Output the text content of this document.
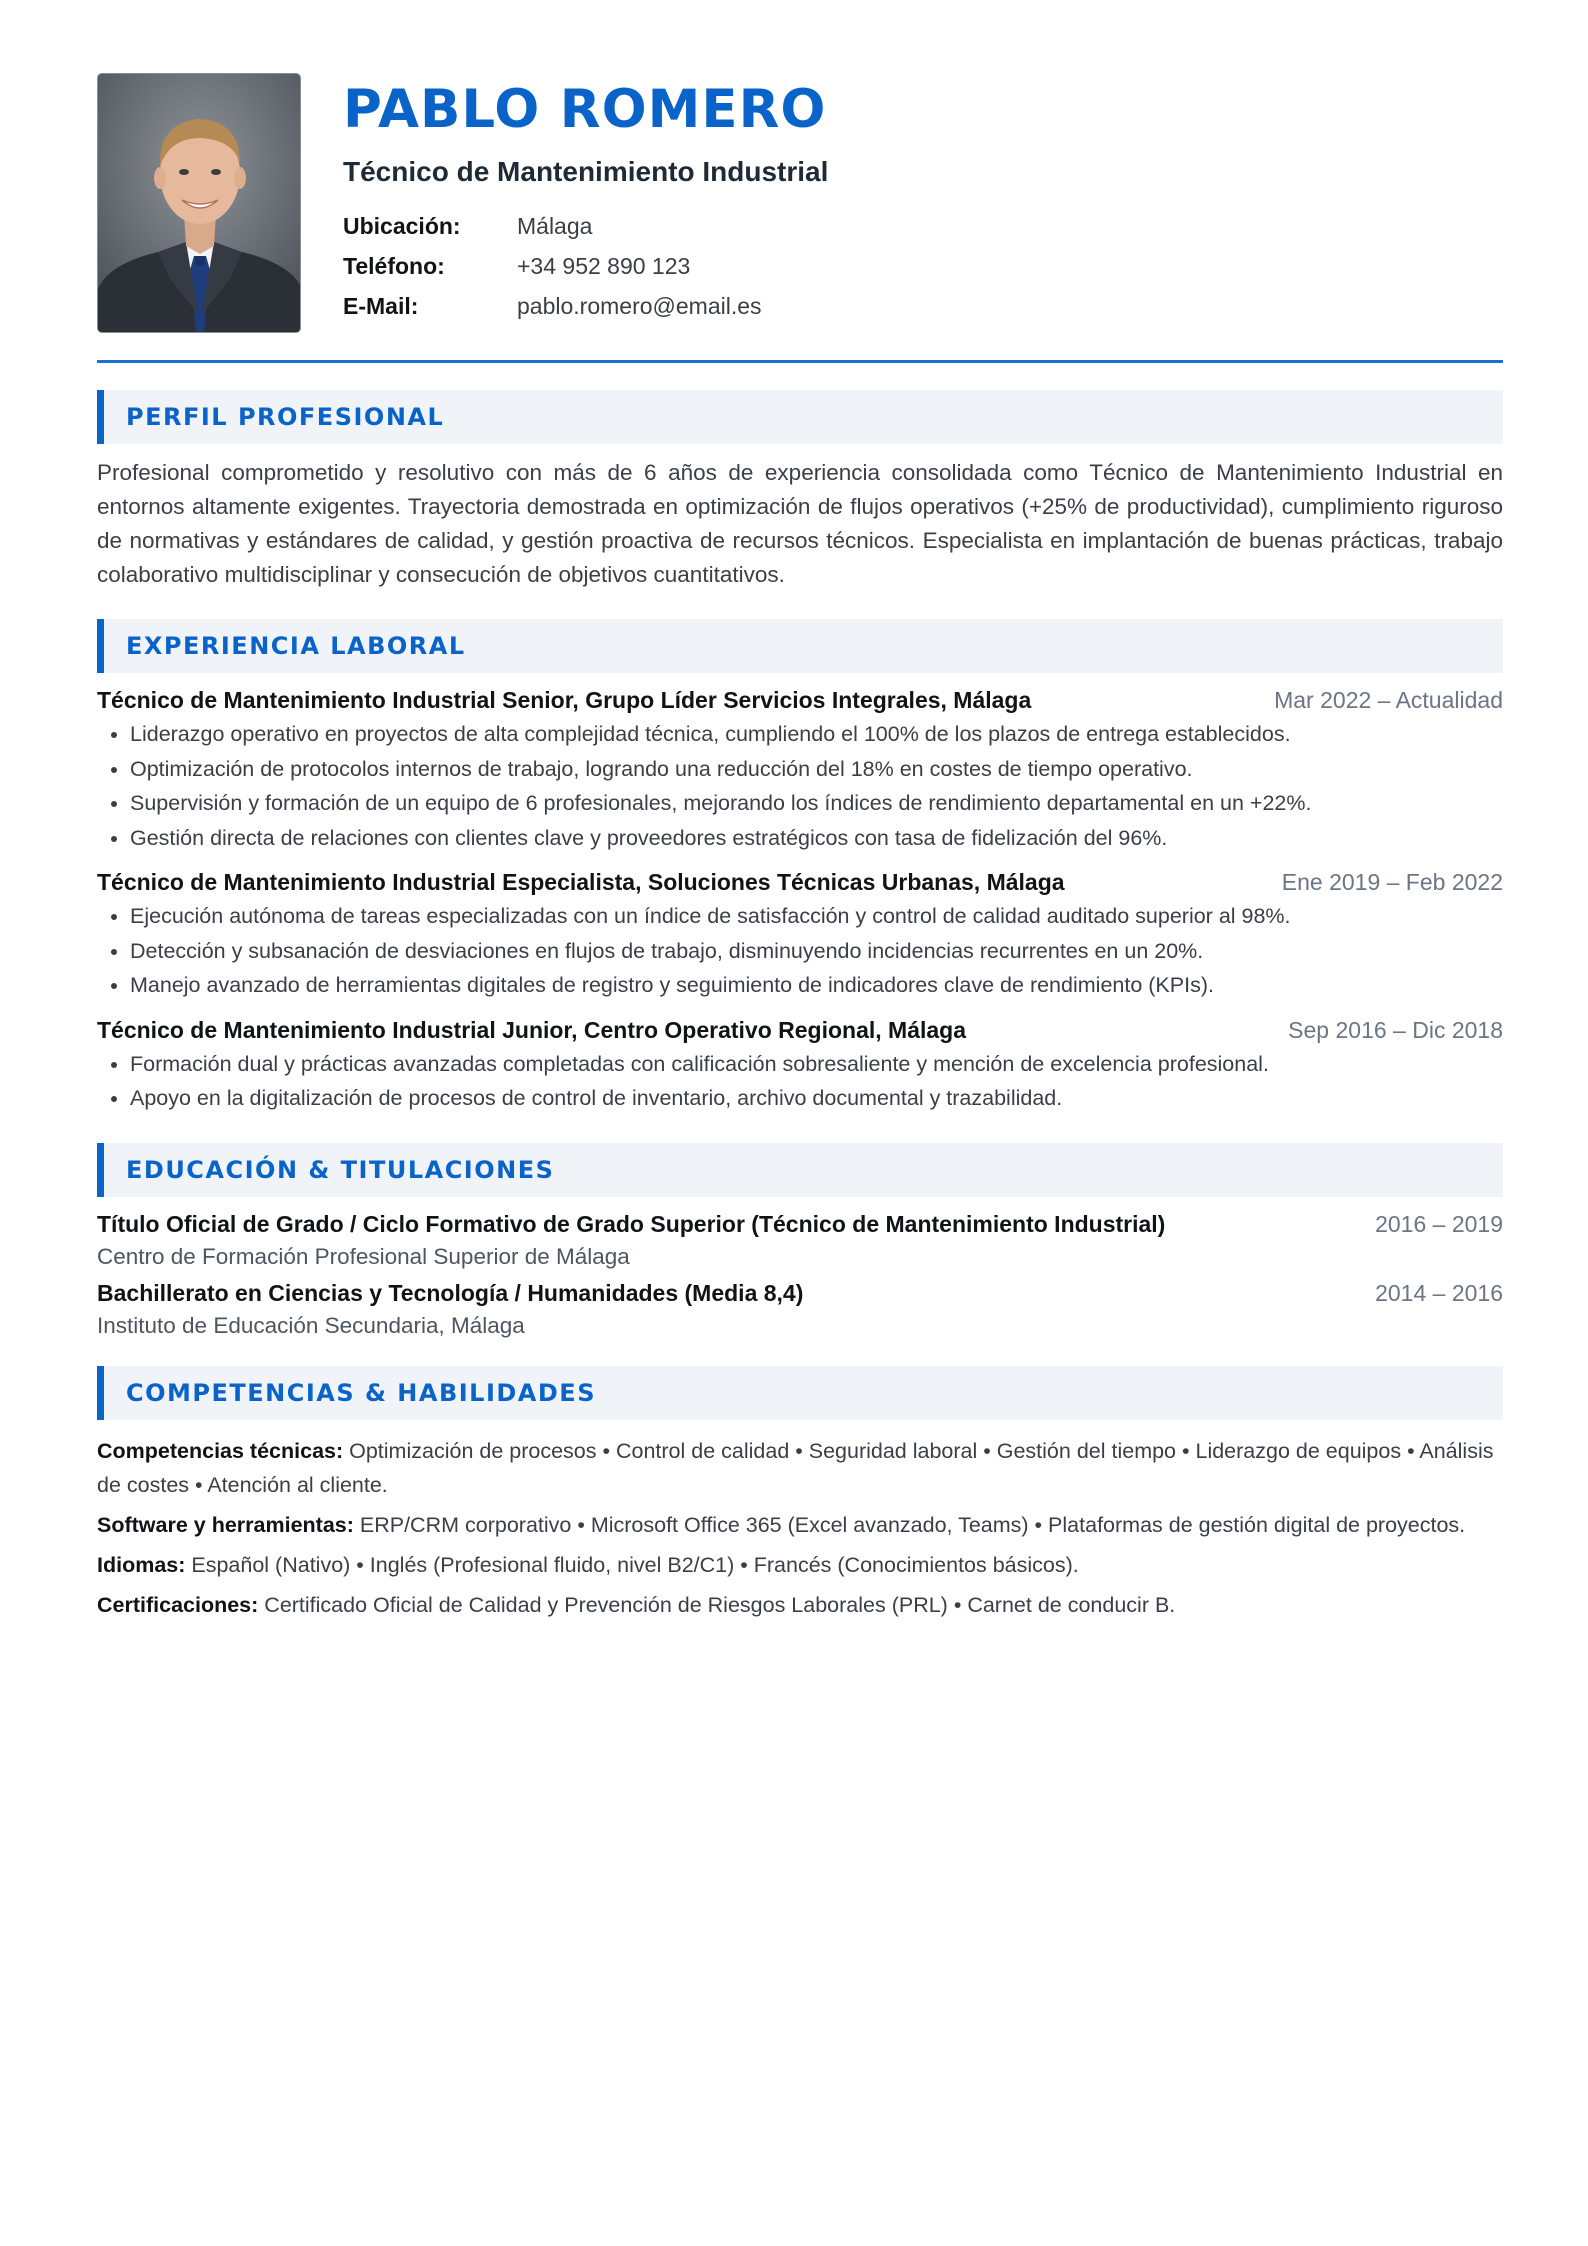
PABLO ROMERO
Técnico de Mantenimiento Industrial
Ubicación:	Málaga
Teléfono:	+34 952 890 123
E-Mail:	pablo.romero@email.es
PERFIL PROFESIONAL

Profesional comprometido y resolutivo con más de 6 años de experiencia consolidada como Técnico de Mantenimiento Industrial en entornos altamente exigentes. Trayectoria demostrada en optimización de flujos operativos (+25% de productividad), cumplimiento riguroso de normativas y estándares de calidad, y gestión proactiva de recursos técnicos. Especialista en implantación de buenas prácticas, trabajo colaborativo multidisciplinar y consecución de objetivos cuantitativos.

EXPERIENCIA LABORAL
Técnico de Mantenimiento Industrial Senior, Grupo Líder Servicios Integrales, Málaga	Mar 2022 – Actualidad
Liderazgo operativo en proyectos de alta complejidad técnica, cumpliendo el 100% de los plazos de entrega establecidos.
Optimización de protocolos internos de trabajo, logrando una reducción del 18% en costes de tiempo operativo.
Supervisión y formación de un equipo de 6 profesionales, mejorando los índices de rendimiento departamental en un +22%.
Gestión directa de relaciones con clientes clave y proveedores estratégicos con tasa de fidelización del 96%.
Técnico de Mantenimiento Industrial Especialista, Soluciones Técnicas Urbanas, Málaga	Ene 2019 – Feb 2022
Ejecución autónoma de tareas especializadas con un índice de satisfacción y control de calidad auditado superior al 98%.
Detección y subsanación de desviaciones en flujos de trabajo, disminuyendo incidencias recurrentes en un 20%.
Manejo avanzado de herramientas digitales de registro y seguimiento de indicadores clave de rendimiento (KPIs).
Técnico de Mantenimiento Industrial Junior, Centro Operativo Regional, Málaga	Sep 2016 – Dic 2018
Formación dual y prácticas avanzadas completadas con calificación sobresaliente y mención de excelencia profesional.
Apoyo en la digitalización de procesos de control de inventario, archivo documental y trazabilidad.
EDUCACIÓN & TITULACIONES
Título Oficial de Grado / Ciclo Formativo de Grado Superior (Técnico de Mantenimiento Industrial)	2016 – 2019
Centro de Formación Profesional Superior de Málaga
Bachillerato en Ciencias y Tecnología / Humanidades (Media 8,4)	2014 – 2016
Instituto de Educación Secundaria, Málaga
COMPETENCIAS & HABILIDADES

Competencias técnicas: Optimización de procesos • Control de calidad • Seguridad laboral • Gestión del tiempo • Liderazgo de equipos • Análisis de costes • Atención al cliente.

Software y herramientas: ERP/CRM corporativo • Microsoft Office 365 (Excel avanzado, Teams) • Plataformas de gestión digital de proyectos.

Idiomas: Español (Nativo) • Inglés (Profesional fluido, nivel B2/C1) • Francés (Conocimientos básicos).

Certificaciones: Certificado Oficial de Calidad y Prevención de Riesgos Laborales (PRL) • Carnet de conducir B.
